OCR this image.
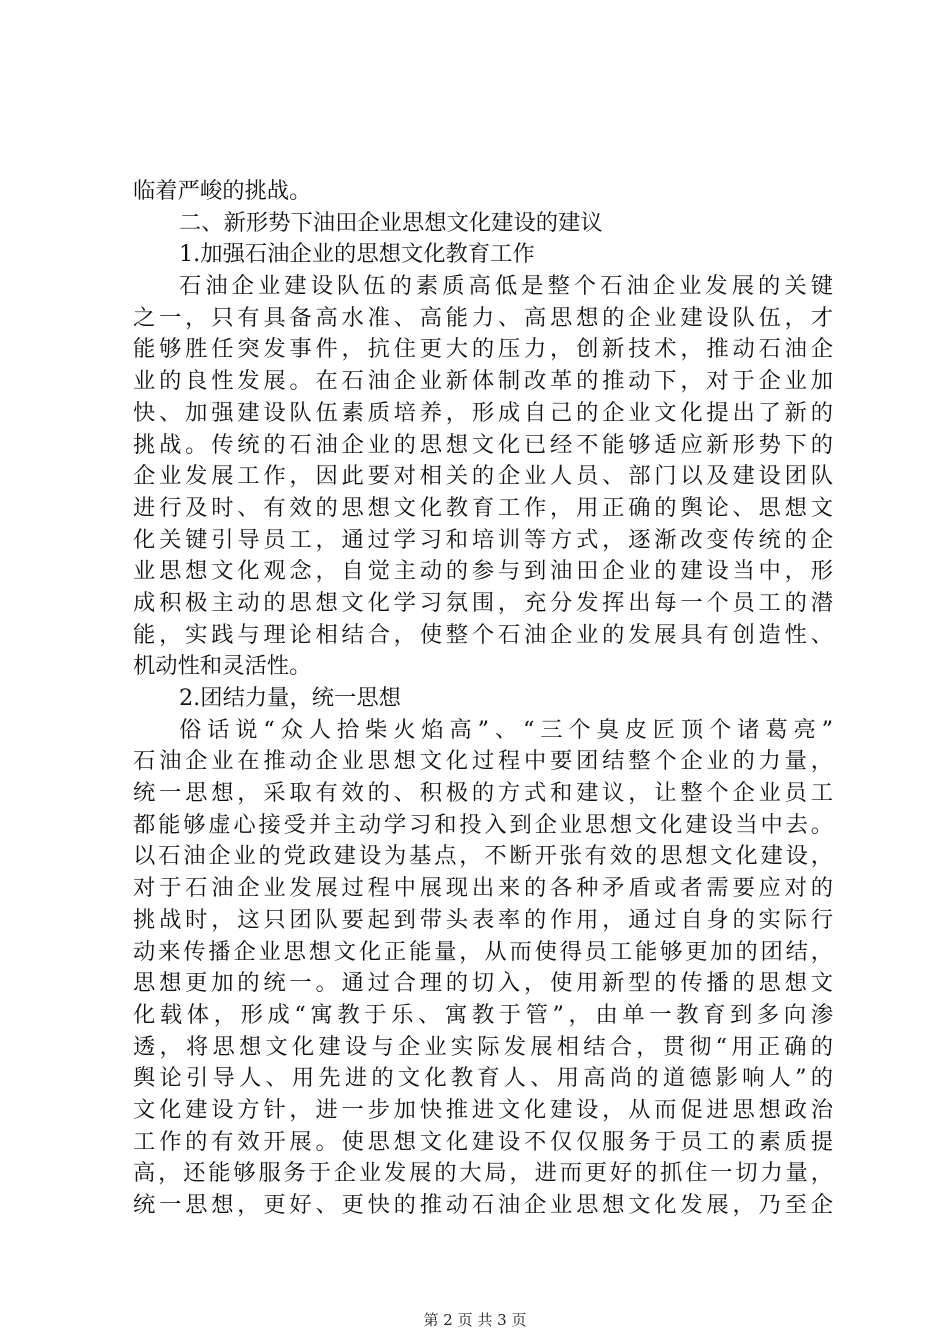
临着严峻的挑战。
二、新形势下油田企业思想文化建设的建议
1.加强石油企业的思想文化教育工作
石油企业建设队伍的素质高低是整个石油企业发展的关键
之一，只有具备高水准、高能力、高思想的企业建设队伍，才
能够胜任突发事件，抗住更大的压力，创新技术，推动石油企
业的良性发展。在石油企业新体制改革的推动下，对于企业加
快、加强建设队伍素质培养，形成自己的企业文化提出了新的
挑战。传统的石油企业的思想文化已经不能够适应新形势下的
企业发展工作，因此要对相关的企业人员、部门以及建设团队
进行及时、有效的思想文化教育工作，用正确的舆论、思想文
化关键引导员工，通过学习和培训等方式，逐渐改变传统的企
业思想文化观念，自觉主动的参与到油田企业的建设当中，形
成积极主动的思想文化学习氛围，充分发挥出每一个员工的潜
能，实践与理论相结合，使整个石油企业的发展具有创造性、
机动性和灵活性。
2.团结力量，统一思想
俗话说“众人拾柴火焰高”、“三个臭皮匠顶个诸葛亮”
石油企业在推动企业思想文化过程中要团结整个企业的力量，
统一思想，采取有效的、积极的方式和建议，让整个企业员工
都能够虚心接受并主动学习和投入到企业思想文化建设当中去。
以石油企业的党政建设为基点，不断开张有效的思想文化建设，
对于石油企业发展过程中展现出来的各种矛盾或者需要应对的
挑战时，这只团队要起到带头表率的作用，通过自身的实际行
动来传播企业思想文化正能量，从而使得员工能够更加的团结，
思想更加的统一。通过合理的切入，使用新型的传播的思想文
化载体，形成“寓教于乐、寓教于管”，由单一教育到多向渗
透，将思想文化建设与企业实际发展相结合，贯彻“用正确的
舆论引导人、用先进的文化教育人、用高尚的道德影响人”的
文化建设方针，进一步加快推进文化建设，从而促进思想政治
工作的有效开展。使思想文化建设不仅仅服务于员工的素质提
高，还能够服务于企业发展的大局，进而更好的抓住一切力量，
统一思想，更好、更快的推动石油企业思想文化发展，乃至企
第 2 页 共 3 页
